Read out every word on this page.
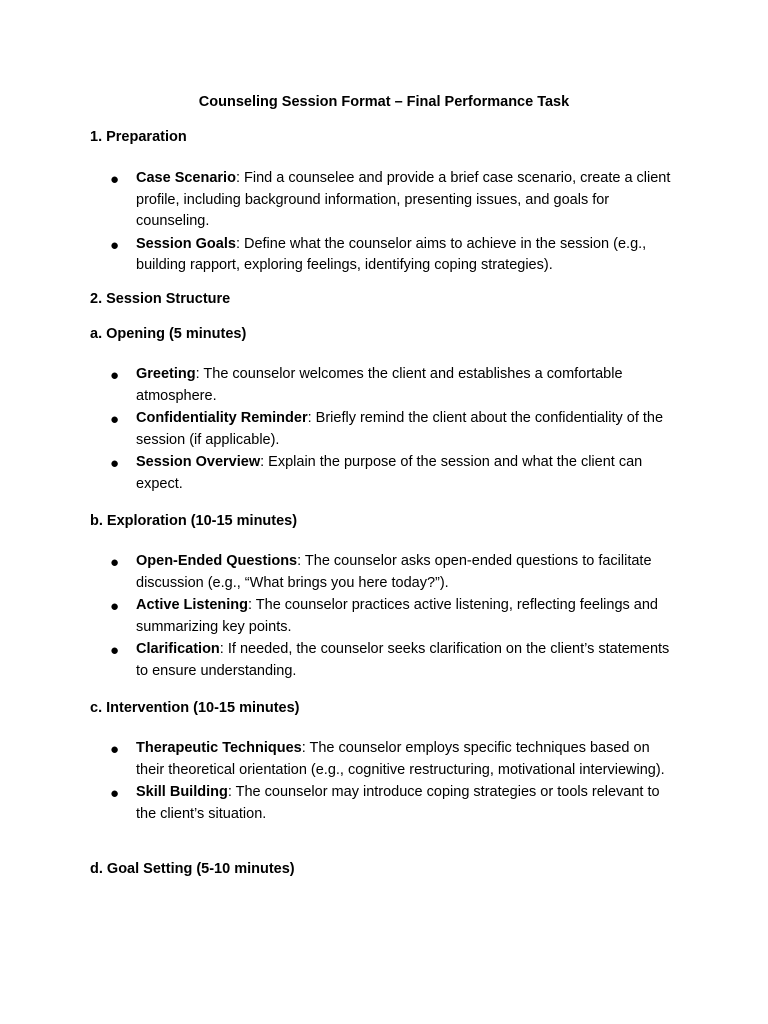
Counseling Session Format – Final Performance Task
1. Preparation
● Case Scenario: Find a counselee and provide a brief case scenario, create a client profile, including background information, presenting issues, and goals for counseling.
● Session Goals: Define what the counselor aims to achieve in the session (e.g., building rapport, exploring feelings, identifying coping strategies).
2. Session Structure
a. Opening (5 minutes)
● Greeting: The counselor welcomes the client and establishes a comfortable atmosphere.
● Confidentiality Reminder: Briefly remind the client about the confidentiality of the session (if applicable).
● Session Overview: Explain the purpose of the session and what the client can expect.
b. Exploration (10-15 minutes)
● Open-Ended Questions: The counselor asks open-ended questions to facilitate discussion (e.g., “What brings you here today?”).
● Active Listening: The counselor practices active listening, reflecting feelings and summarizing key points.
● Clarification: If needed, the counselor seeks clarification on the client’s statements to ensure understanding.
c. Intervention (10-15 minutes)
● Therapeutic Techniques: The counselor employs specific techniques based on their theoretical orientation (e.g., cognitive restructuring, motivational interviewing).
● Skill Building: The counselor may introduce coping strategies or tools relevant to the client’s situation.
d. Goal Setting (5-10 minutes)
